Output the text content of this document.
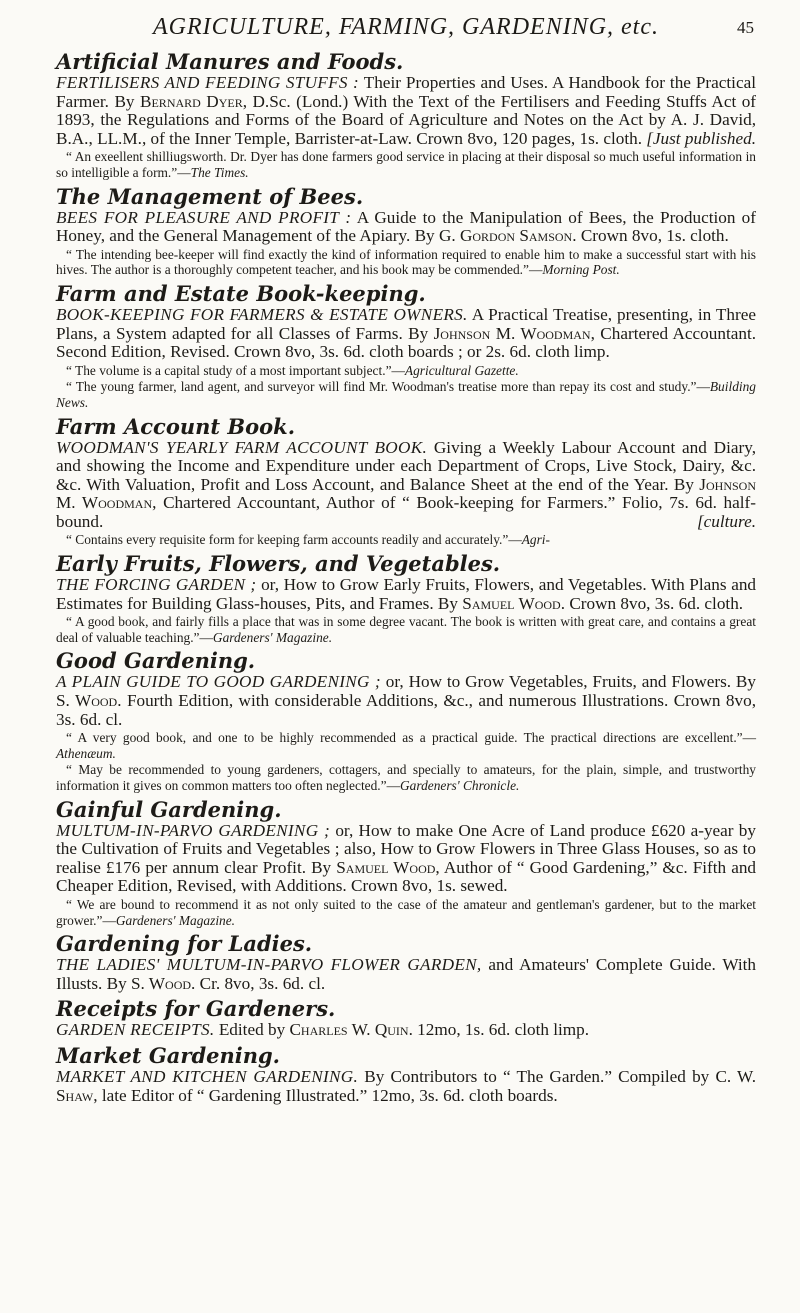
AGRICULTURE, FARMING, GARDENING, etc.	45
Artificial Manures and Foods.

FERTILISERS AND FEEDING STUFFS : Their Properties and Uses. A Handbook for the Practical Farmer. By Bernard Dyer, D.Sc. (Lond.) With the Text of the Fertilisers and Feeding Stuffs Act of 1893, the Regulations and Forms of the Board of Agriculture and Notes on the Act by A. J. David, B.A., LL.M., of the Inner Temple, Barrister-at-Law. Crown 8vo, 120 pages, 1s. cloth. [Just published.

“ An exeellent shilliugsworth. Dr. Dyer has done farmers good service in placing at their disposal so much useful information in so intelligible a form.”—The Times.

The Management of Bees.

BEES FOR PLEASURE AND PROFIT : A Guide to the Manipulation of Bees, the Production of Honey, and the General Management of the Apiary. By G. Gordon Samson. Crown 8vo, 1s. cloth.

“ The intending bee-keeper will find exactly the kind of information required to enable him to make a successful start with his hives. The author is a thoroughly competent teacher, and his book may be commended.”—Morning Post.

Farm and Estate Book-keeping.

BOOK-KEEPING FOR FARMERS & ESTATE OWNERS. A Practical Treatise, presenting, in Three Plans, a System adapted for all Classes of Farms. By Johnson M. Woodman, Chartered Accountant. Second Edition, Revised. Crown 8vo, 3s. 6d. cloth boards ; or 2s. 6d. cloth limp.

“ The volume is a capital study of a most important subject.”—Agricultural Gazette.

“ The young farmer, land agent, and surveyor will find Mr. Woodman's treatise more than repay its cost and study.”—Building News.

Farm Account Book.

WOODMAN'S YEARLY FARM ACCOUNT BOOK. Giving a Weekly Labour Account and Diary, and showing the Income and Expenditure under each Department of Crops, Live Stock, Dairy, &c. &c. With Valuation, Profit and Loss Account, and Balance Sheet at the end of the Year. By Johnson M. Woodman, Chartered Accountant, Author of “ Book-keeping for Farmers.” Folio, 7s. 6d. half-bound.	[culture.

“ Contains every requisite form for keeping farm accounts readily and accurately.”—Agri-

Early Fruits, Flowers, and Vegetables.

THE FORCING GARDEN ; or, How to Grow Early Fruits, Flowers, and Vegetables. With Plans and Estimates for Building Glass-houses, Pits, and Frames. By Samuel Wood. Crown 8vo, 3s. 6d. cloth.

“ A good book, and fairly fills a place that was in some degree vacant. The book is written with great care, and contains a great deal of valuable teaching.”—Gardeners' Magazine.

Good Gardening.

A PLAIN GUIDE TO GOOD GARDENING ; or, How to Grow Vegetables, Fruits, and Flowers. By S. Wood. Fourth Edition, with considerable Additions, &c., and numerous Illustrations. Crown 8vo, 3s. 6d. cl.

“ A very good book, and one to be highly recommended as a practical guide. The practical directions are excellent.”—Athenæum.

“ May be recommended to young gardeners, cottagers, and specially to amateurs, for the plain, simple, and trustworthy information it gives on common matters too often neglected.”—Gardeners' Chronicle.

Gainful Gardening.

MULTUM-IN-PARVO GARDENING ; or, How to make One Acre of Land produce £620 a-year by the Cultivation of Fruits and Vegetables ; also, How to Grow Flowers in Three Glass Houses, so as to realise £176 per annum clear Profit. By Samuel Wood, Author of “ Good Gardening,” &c. Fifth and Cheaper Edition, Revised, with Additions. Crown 8vo, 1s. sewed.

“ We are bound to recommend it as not only suited to the case of the amateur and gentleman's gardener, but to the market grower.”—Gardeners' Magazine.

Gardening for Ladies.

THE LADIES' MULTUM-IN-PARVO FLOWER GARDEN, and Amateurs' Complete Guide. With Illusts. By S. Wood. Cr. 8vo, 3s. 6d. cl.

Receipts for Gardeners.

GARDEN RECEIPTS. Edited by Charles W. Quin. 12mo, 1s. 6d. cloth limp.

Market Gardening.

MARKET AND KITCHEN GARDENING. By Contributors to “ The Garden.” Compiled by C. W. Shaw, late Editor of “ Gardening Illustrated.” 12mo, 3s. 6d. cloth boards.
